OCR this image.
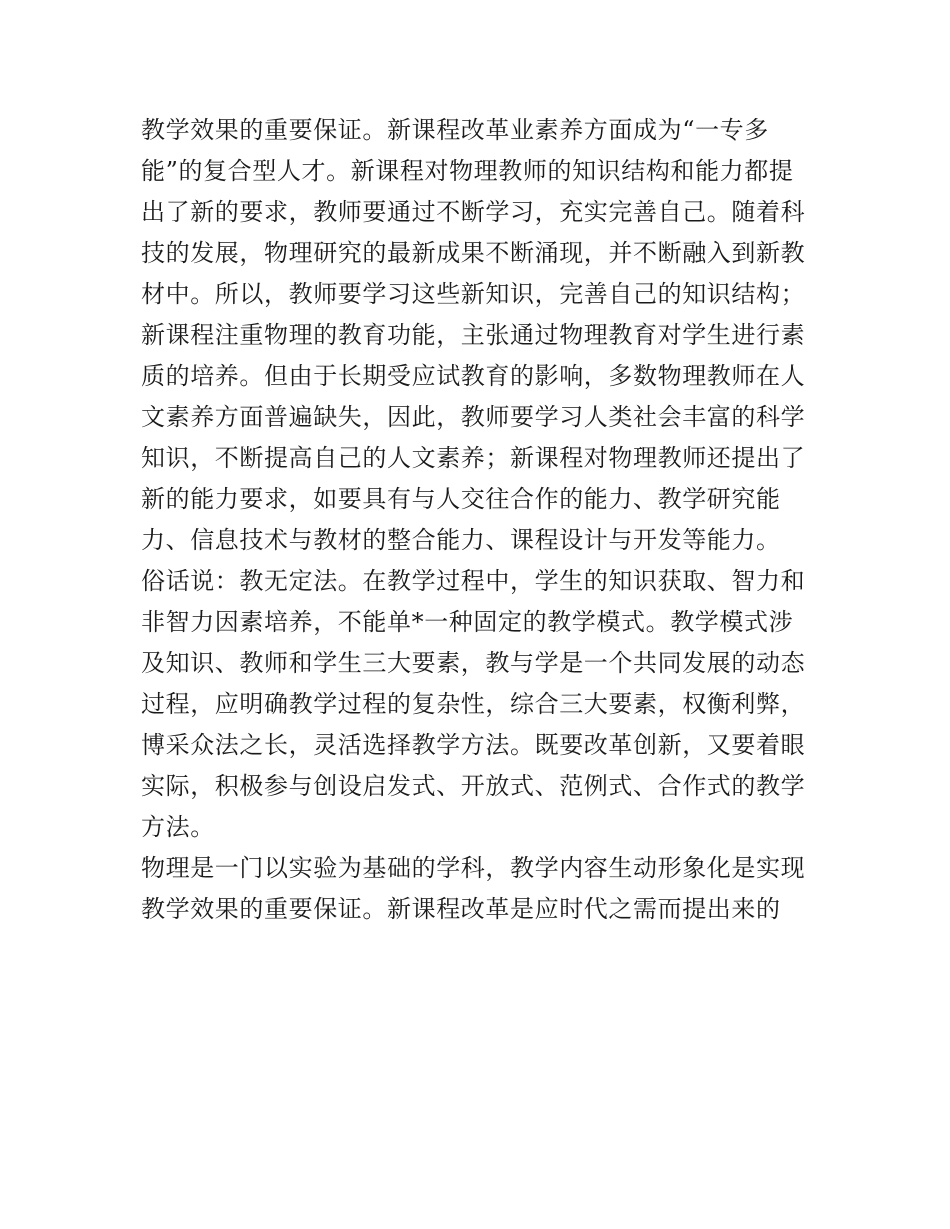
教学效果的重要保证。新课程改革业素养方面成为“一专多
能”的复合型人才。新课程对物理教师的知识结构和能力都提
出了新的要求，教师要通过不断学习，充实完善自己。随着科
技的发展，物理研究的最新成果不断涌现，并不断融入到新教
材中。所以，教师要学习这些新知识，完善自己的知识结构；
新课程注重物理的教育功能，主张通过物理教育对学生进行素
质的培养。但由于长期受应试教育的影响，多数物理教师在人
文素养方面普遍缺失，因此，教师要学习人类社会丰富的科学
知识，不断提高自己的人文素养；新课程对物理教师还提出了
新的能力要求，如要具有与人交往合作的能力、教学研究能
力、信息技术与教材的整合能力、课程设计与开发等能力。
俗话说：教无定法。在教学过程中，学生的知识获取、智力和
非智力因素培养，不能单*一种固定的教学模式。教学模式涉
及知识、教师和学生三大要素，教与学是一个共同发展的动态
过程，应明确教学过程的复杂性，综合三大要素，权衡利弊，
博采众法之长，灵活选择教学方法。既要改革创新，又要着眼
实际，积极参与创设启发式、开放式、范例式、合作式的教学
方法。
物理是一门以实验为基础的学科，教学内容生动形象化是实现
教学效果的重要保证。新课程改革是应时代之需而提出来的
